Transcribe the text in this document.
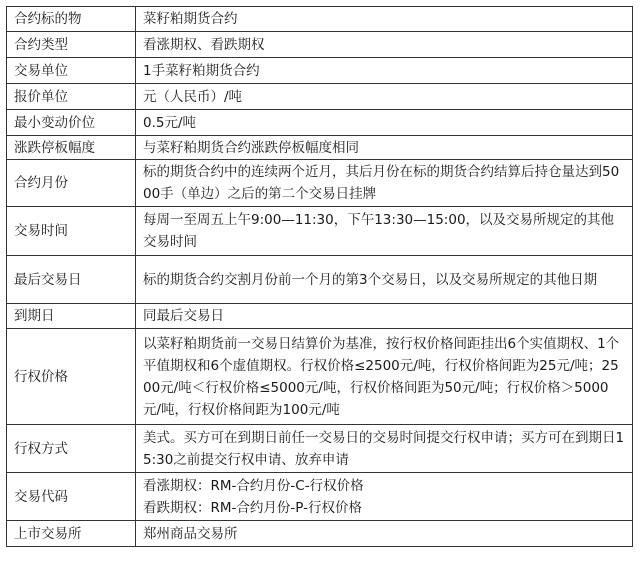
合约标的物	菜籽粕期货合约
合约类型	看涨期权、看跌期权
交易单位	1手菜籽粕期货合约
报价单位	元（人民币）/吨
最小变动价位	0.5元/吨
涨跌停板幅度	与菜籽粕期货合约涨跌停板幅度相同
合约月份	标的期货合约中的连续两个近月，其后月份在标的期货合约结算后持仓量达到5000手（单边）之后的第二个交易日挂牌
交易时间	每周一至周五上午9:00—11:30，下午13:30—15:00，以及交易所规定的其他交易时间
最后交易日	标的期货合约交割月份前一个月的第3个交易日，以及交易所规定的其他日期
到期日	同最后交易日
行权价格	以菜籽粕期货前一交易日结算价为基准，按行权价格间距挂出6个实值期权、1个平值期权和6个虚值期权。行权价格≤2500元/吨，行权价格间距为25元/吨；2500元/吨＜行权价格≤5000元/吨，行权价格间距为50元/吨；行权价格＞5000元/吨，行权价格间距为100元/吨
行权方式	美式。买方可在到期日前任一交易日的交易时间提交行权申请；买方可在到期日15:30之前提交行权申请、放弃申请
交易代码	看涨期权：RM-合约月份-C-行权价格
看跌期权：RM-合约月份-P-行权价格

上市交易所	郑州商品交易所
